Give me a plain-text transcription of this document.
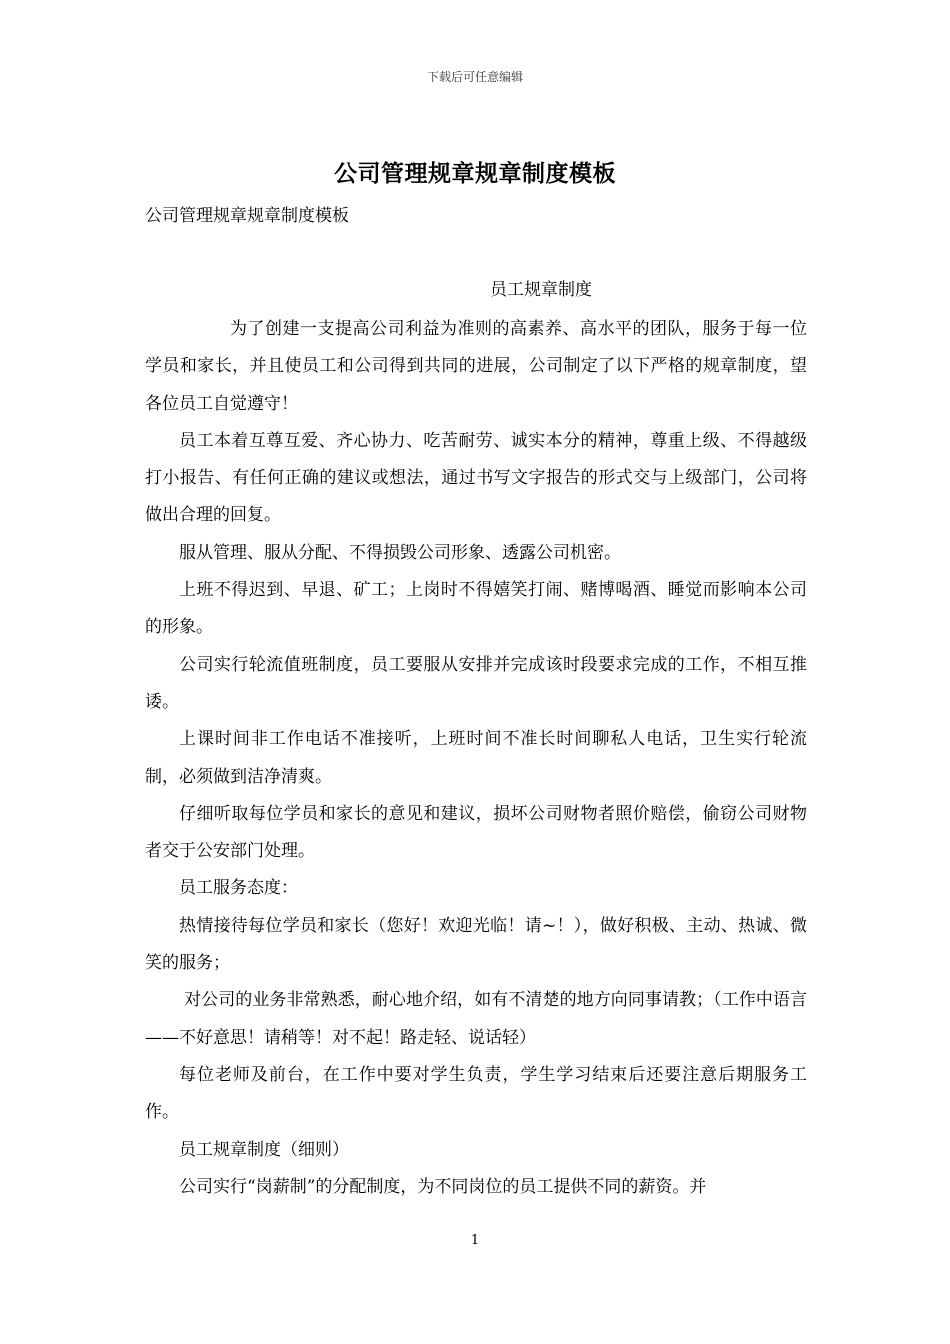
下载后可任意编辑
公司管理规章规章制度模板
公司管理规章规章制度模板
员工规章制度

为了创建一支提高公司利益为准则的高素养、高水平的团队，服务于每一位学员和家长，并且使员工和公司得到共同的进展，公司制定了以下严格的规章制度，望各位员工自觉遵守！

员工本着互尊互爱、齐心协力、吃苦耐劳、诚实本分的精神，尊重上级、不得越级打小报告、有任何正确的建议或想法，通过书写文字报告的形式交与上级部门，公司将做出合理的回复。

服从管理、服从分配、不得损毁公司形象、透露公司机密。

上班不得迟到、早退、矿工；上岗时不得嬉笑打闹、赌博喝酒、睡觉而影响本公司的形象。

公司实行轮流值班制度，员工要服从安排并完成该时段要求完成的工作，不相互推诿。

上课时间非工作电话不准接听，上班时间不准长时间聊私人电话，卫生实行轮流制，必须做到洁净清爽。

仔细听取每位学员和家长的意见和建议，损坏公司财物者照价赔偿，偷窃公司财物者交于公安部门处理。

员工服务态度：

热情接待每位学员和家长（您好！欢迎光临！请~！），做好积极、主动、热诚、微笑的服务；

对公司的业务非常熟悉，耐心地介绍，如有不清楚的地方向同事请教；（工作中语言——不好意思！请稍等！对不起！路走轻、说话轻）

每位老师及前台，在工作中要对学生负责，学生学习结束后还要注意后期服务工作。

员工规章制度（细则）

公司实行“岗薪制”的分配制度，为不同岗位的员工提供不同的薪资。并

1
